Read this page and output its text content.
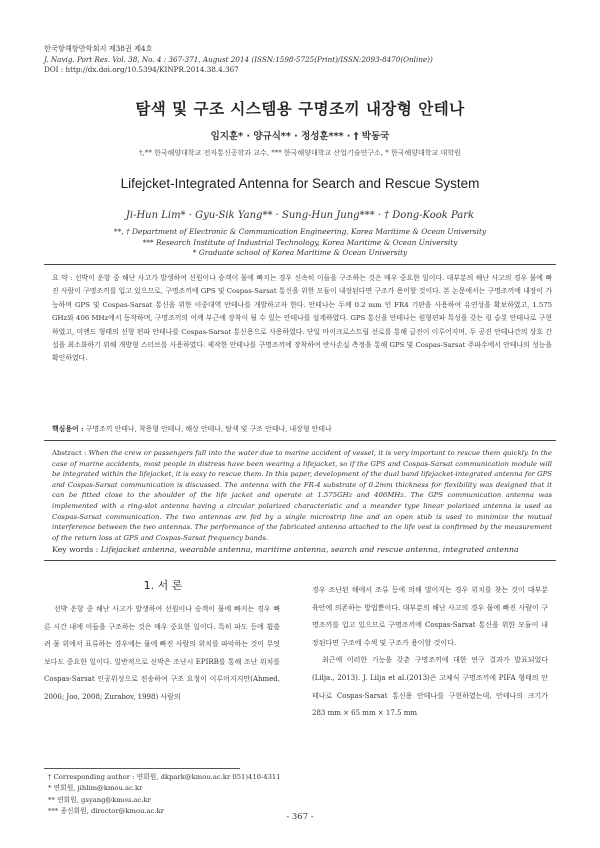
한국항해항만학회지 제38권 제4호
J. Navig. Port Res. Vol. 38, No. 4 : 367-371, August 2014 (ISSN:1598-5725(Print)/ISSN:2093-8470(Online))
DOI : http://dx.doi.org/10.5394/KINPR.2014.38.4.367
탐색 및 구조 시스템용 구명조끼 내장형 안테나
임지훈* · 양규식** · 정성훈*** · † 박동국
†,** 한국해양대학교 전자통신공학과 교수, *** 한국해양대학교 산업기술연구소, * 한국해양대학교 대학원
Lifejcket-Integrated Antenna for Search and Rescue System
Ji-Hun Lim* · Gyu-Sik Yang** · Sung-Hun Jung*** · † Dong-Kook Park
**, † Department of Electronic & Communication Engineering, Korea Maritime & Ocean University
*** Research Institute of Industrial Technology, Korea Maritime & Ocean University
* Graduate school of Korea Maritime & Ocean University
요 약 : 선박이 운항 중 해난 사고가 발생하여 선원이나 승객이 물에 빠지는 경우 신속히 이들을 구조하는 것은 매우 중요한 일이다. 대부분의 해난 사고의 경우 물에 빠진 사람이 구명조끼를 입고 있으므로, 구명조끼에 GPS 및 Cospas-Sarsat 통신을 위한 모듈이 내장된다면 구조가 용이할 것이다. 본 논문에서는 구명조끼에 내장이 가능하며 GPS 및 Cospas-Sarsat 통신을 위한 이중대역 안테나를 개발하고자 한다. 안테나는 두께 0.2 mm 인 FR4 기판을 사용하여 유연성을 확보하였고, 1.575 GHz와 406 MHz에서 동작하며, 구명조끼의 어깨 부근에 장착이 될 수 있는 안테나를 설계하였다. GPS 통신을 안테나는 원형편파 특성을 갖는 링 슬롯 안테나로 구현하였고, 미앤드 형태의 선형 편파 안테나를 Cospas-Sarsat 통신용으로 사용하였다. 단일 마이크로스트립 선로를 통해 급전이 이루어지며, 두 공진 안테나간의 상호 간섭을 최소화하기 위해 개방형 스터브를 사용하였다. 제작한 안테나를 구명조끼에 장착하여 반사손실 측정을 통해 GPS 및 Cospas-Sarsat 주파수에서 안테나의 성능을 확인하였다.
핵심용어 : 구명조끼 안테나, 착용형 안테나, 해상 안테나, 탐색 및 구조 안테나, 내장형 안테나
Abstract : When the crew or passengers fall into the water due to marine accident of vessel, it is very important to rescue them quickly. In the case of marine accidents, most people in distress have been wearing a lifejacket, so if the GPS and Cospas-Sarsat communication module will be integrated within the lifejacket, it is easy to rescue them. In this paper, development of the dual band lifejacket-integrated antenna for GPS and Cospas-Sarsat communication is discussed. The antenna with the FR-4 substrate of 0.2mm thickness for flexibility was designed that it can be fitted close to the shoulder of the life jacket and operate at 1.575GHz and 406MHz. The GPS communication antenna was implemented with a ring-slot antenna having a circular polarized characteristic and a meander type linear polarized antenna is used as Cospas-Sarsat communication. The two antennas are fed by a single microstrip line and an open stub is used to minimize the mutual interference between the two antennas. The performance of the fabricated antenna attached to the life vest is confirmed by the measurement of the return loss at GPS and Cospas-Sarsat frequency bands.
Key words : Lifejacket antenna, wearable antenna, maritime antenna, search and rescue antenna, integrated antenna
1. 서 론
선박 운항 중 해난 사고가 발생하여 선원이나 승객이 물에 빠지는 경우 빠른 시간 내에 이들을 구조하는 것은 매우 중요한 일이다. 특히 파도 등에 휩쓸려 물 위에서 표류하는 경우에는 물에 빠진 사람의 위치를 파악하는 것이 무엇보다도 중요한 일이다. 일반적으로 선박은 조난시 EPIRB를 통해 조난 위치를 Cospas-Sarsat 인공위성으로 전송하여 구조 요청이 이루어지지만(Ahmed, 2006; Joo, 2008; Zurabov, 1998) 사람의

경우 조난된 해에서 조류 등에 의해 벌어지는 경우 위치를 찾는 것이 대부분 육안에 의존하는 방법뿐이다. 대부분의 해난 사고의 경우 물에 빠진 사람이 구명조끼를 입고 있으므로 구명조끼에 Cospas-Sarsat 통신을 위한 모듈이 내장된다면 구조에 수색 및 구조가 용이할 것이다.

최근에 이러한 기능을 갖춘 구명조끼에 대한 연구 결과가 발표되었다(Lilja., 2013). J. Lilja et al.(2013)은 고체식 구명조끼에 PIFA 형태의 안테나로 Cospas-Sarsat 통신용 안테나를 구현하였는데, 안테나의 크기가 283 mm × 65 mm × 17.5 mm

† Corresponding author : 연회원, dkpark@kmou.ac.kr 051)410-4311
* 연회원, jihlim@kmou.ac.kr
** 연회원, gsyang@kmou.ac.kr
*** 종신회원, director@kmou.ac.kr
- 367 -
